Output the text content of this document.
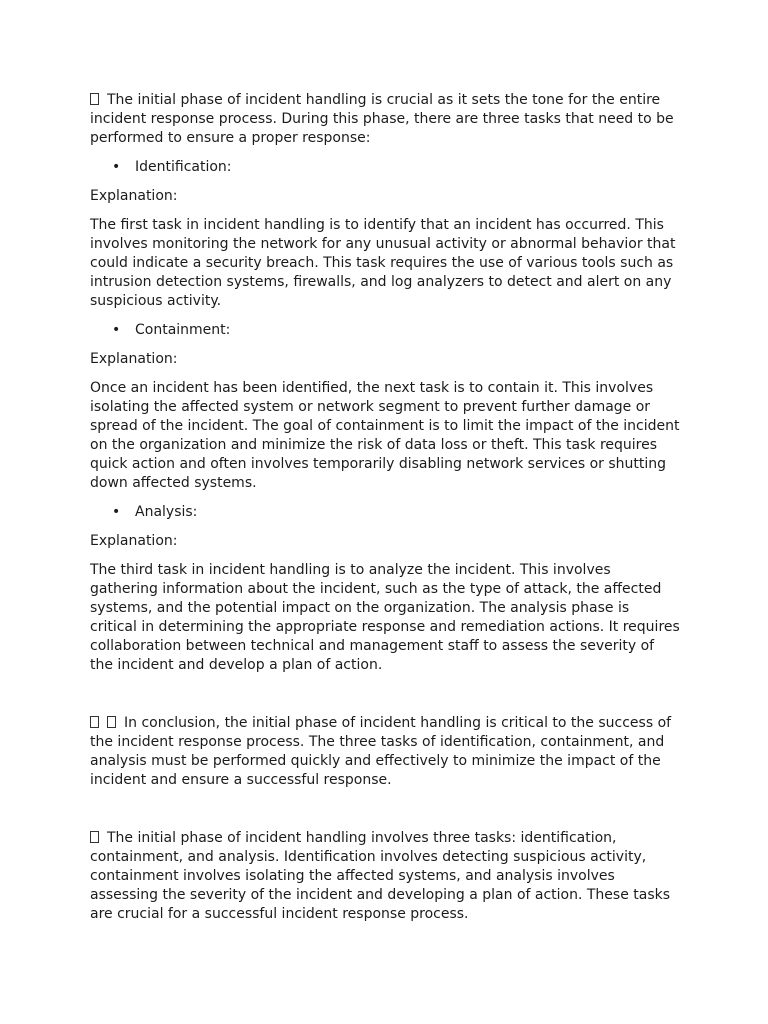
The initial phase of incident handling is crucial as it sets the tone for the entire incident response process. During this phase, there are three tasks that need to be performed to ensure a proper response:

• Identification:

Explanation:

The first task in incident handling is to identify that an incident has occurred. This involves monitoring the network for any unusual activity or abnormal behavior that could indicate a security breach. This task requires the use of various tools such as intrusion detection systems, firewalls, and log analyzers to detect and alert on any suspicious activity.

• Containment:

Explanation:

Once an incident has been identified, the next task is to contain it. This involves isolating the affected system or network segment to prevent further damage or spread of the incident. The goal of containment is to limit the impact of the incident on the organization and minimize the risk of data loss or theft. This task requires quick action and often involves temporarily disabling network services or shutting down affected systems.

• Analysis:

Explanation:

The third task in incident handling is to analyze the incident. This involves gathering information about the incident, such as the type of attack, the affected systems, and the potential impact on the organization. The analysis phase is critical in determining the appropriate response and remediation actions. It requires collaboration between technical and management staff to assess the severity of the incident and develop a plan of action.

In conclusion, the initial phase of incident handling is critical to the success of the incident response process. The three tasks of identification, containment, and analysis must be performed quickly and effectively to minimize the impact of the incident and ensure a successful response.

The initial phase of incident handling involves three tasks: identification, containment, and analysis. Identification involves detecting suspicious activity, containment involves isolating the affected systems, and analysis involves assessing the severity of the incident and developing a plan of action. These tasks are crucial for a successful incident response process.
